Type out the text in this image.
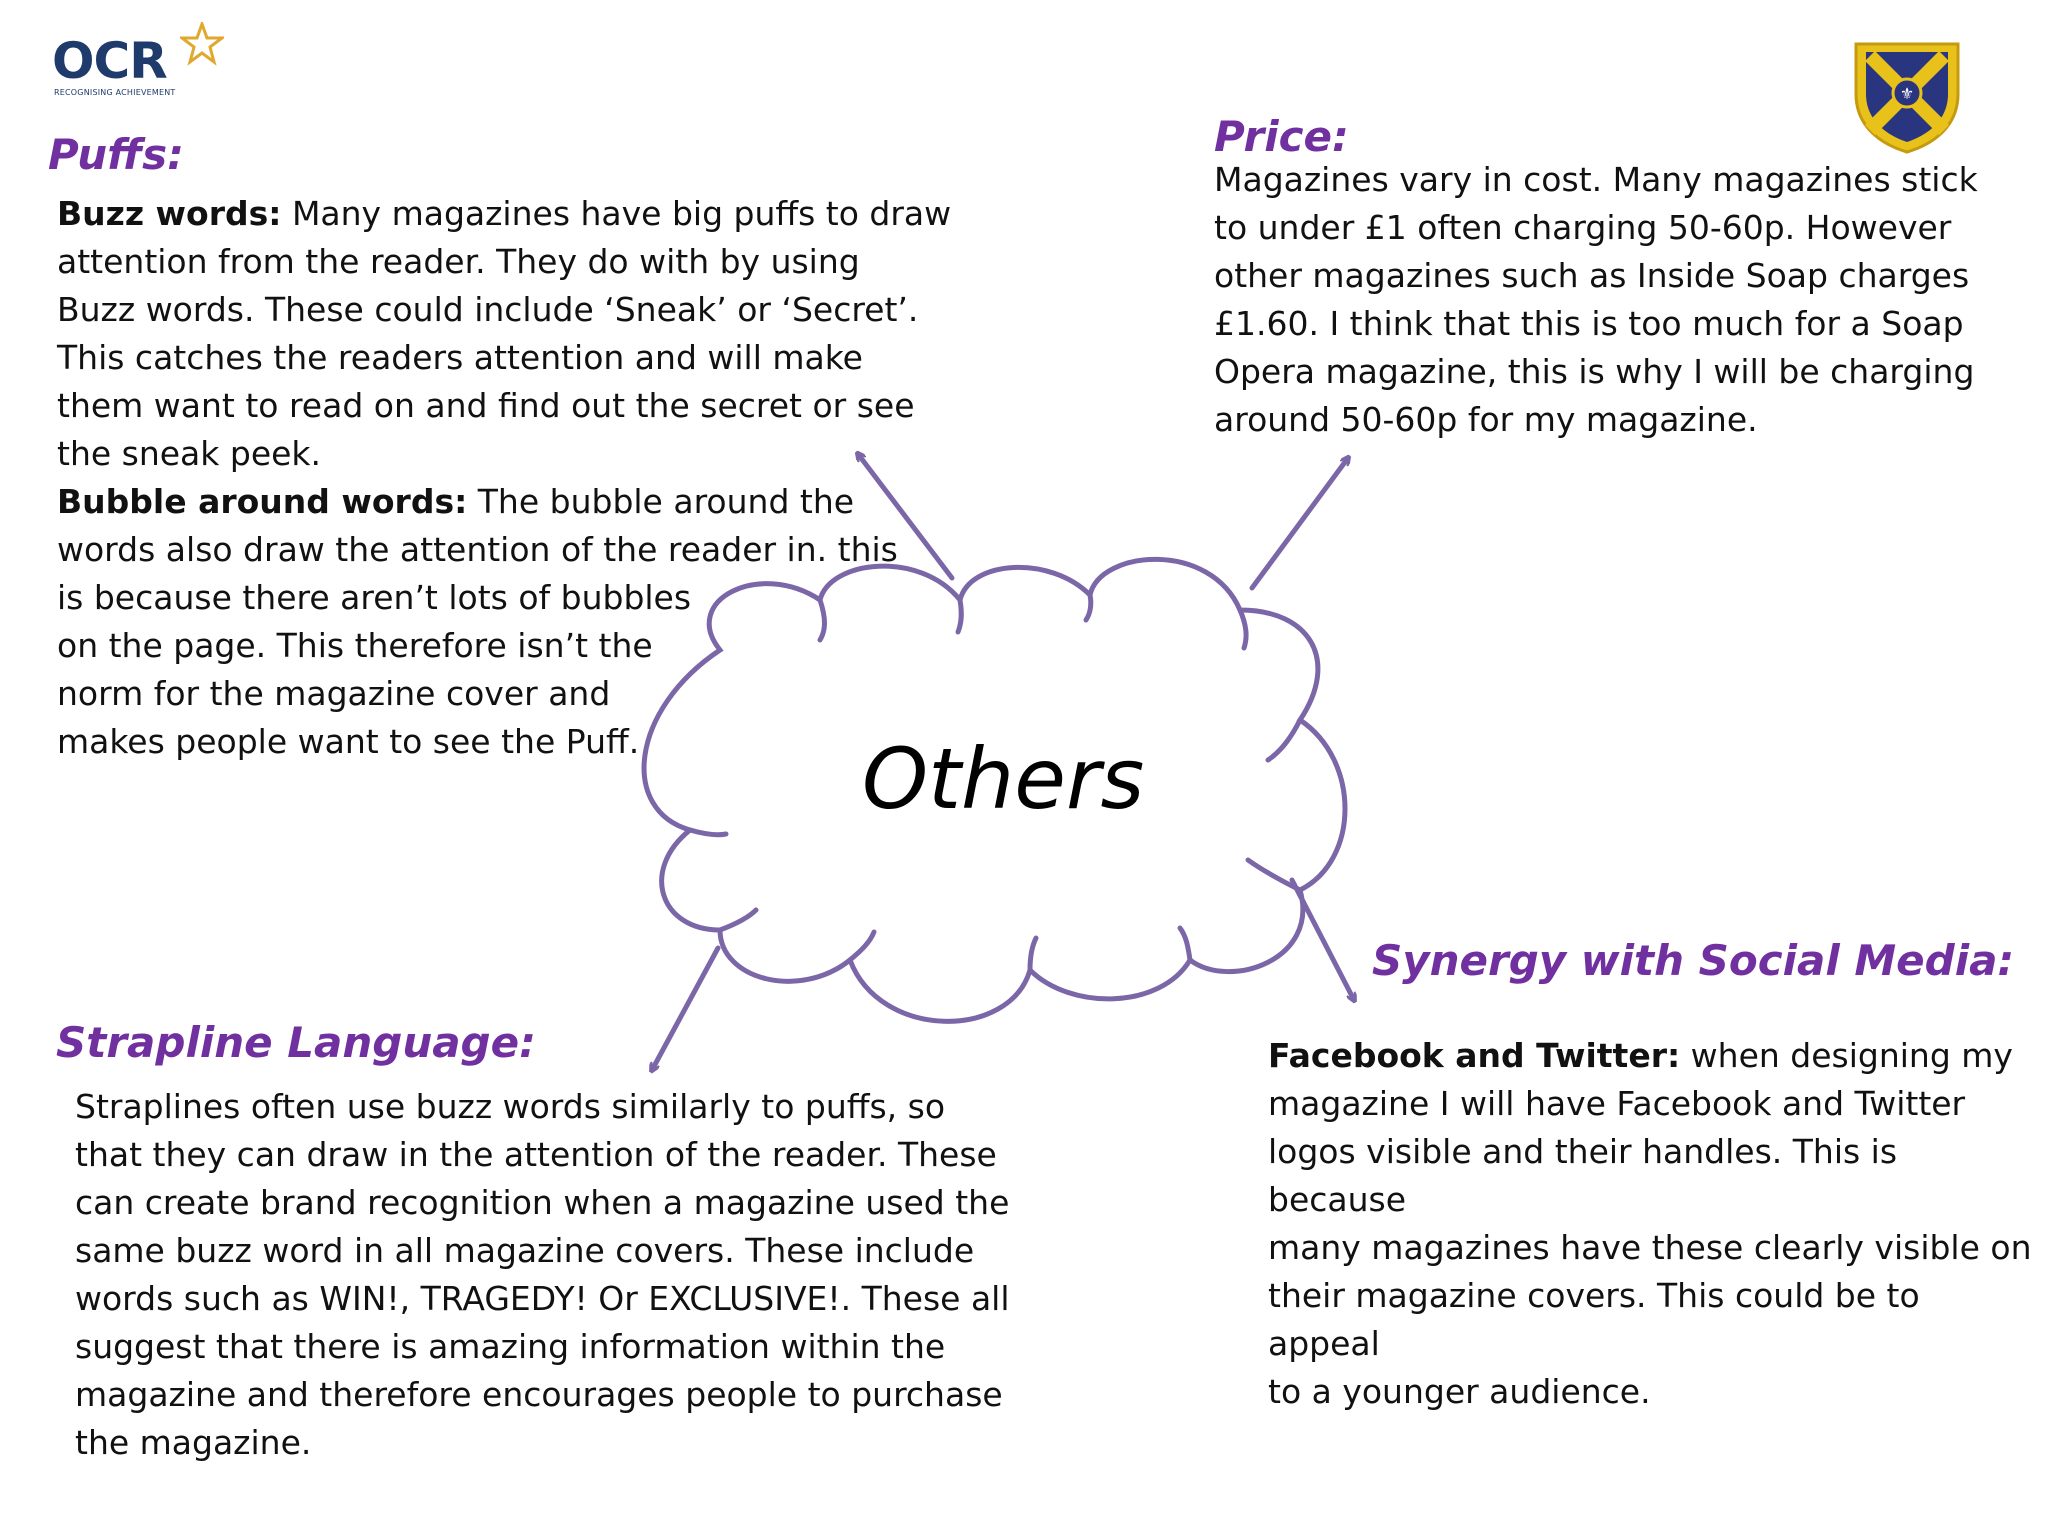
OCR
RECOGNISING ACHIEVEMENT	⚜
Others
Puffs:
Buzz words: Many magazines have big puffs to draw
attention from the reader. They do with by using
Buzz words. These could include ‘Sneak’ or ‘Secret’.
This catches the readers attention and will make
them want to read on and find out the secret or see
the sneak peek.
Bubble around words: The bubble around the
words also draw the attention of the reader in. this
is because there aren’t lots of bubbles
on the page. This therefore isn’t the
norm for the magazine cover and
makes people want to see the Puff.
Price:
Magazines vary in cost. Many magazines stick
to under £1 often charging 50-60p. However
other magazines such as Inside Soap charges
£1.60. I think that this is too much for a Soap
Opera magazine, this is why I will be charging
around 50-60p for my magazine.
Strapline Language:
Straplines often use buzz words similarly to puffs, so
that they can draw in the attention of the reader. These
can create brand recognition when a magazine used the
same buzz word in all magazine covers. These include
words such as WIN!, TRAGEDY! Or EXCLUSIVE!. These all
suggest that there is amazing information within the
magazine and therefore encourages people to purchase
the magazine.
Synergy with Social Media:
Facebook and Twitter: when designing my
magazine I will have Facebook and Twitter
logos visible and their handles. This is because
many magazines have these clearly visible on
their magazine covers. This could be to appeal
to a younger audience.
